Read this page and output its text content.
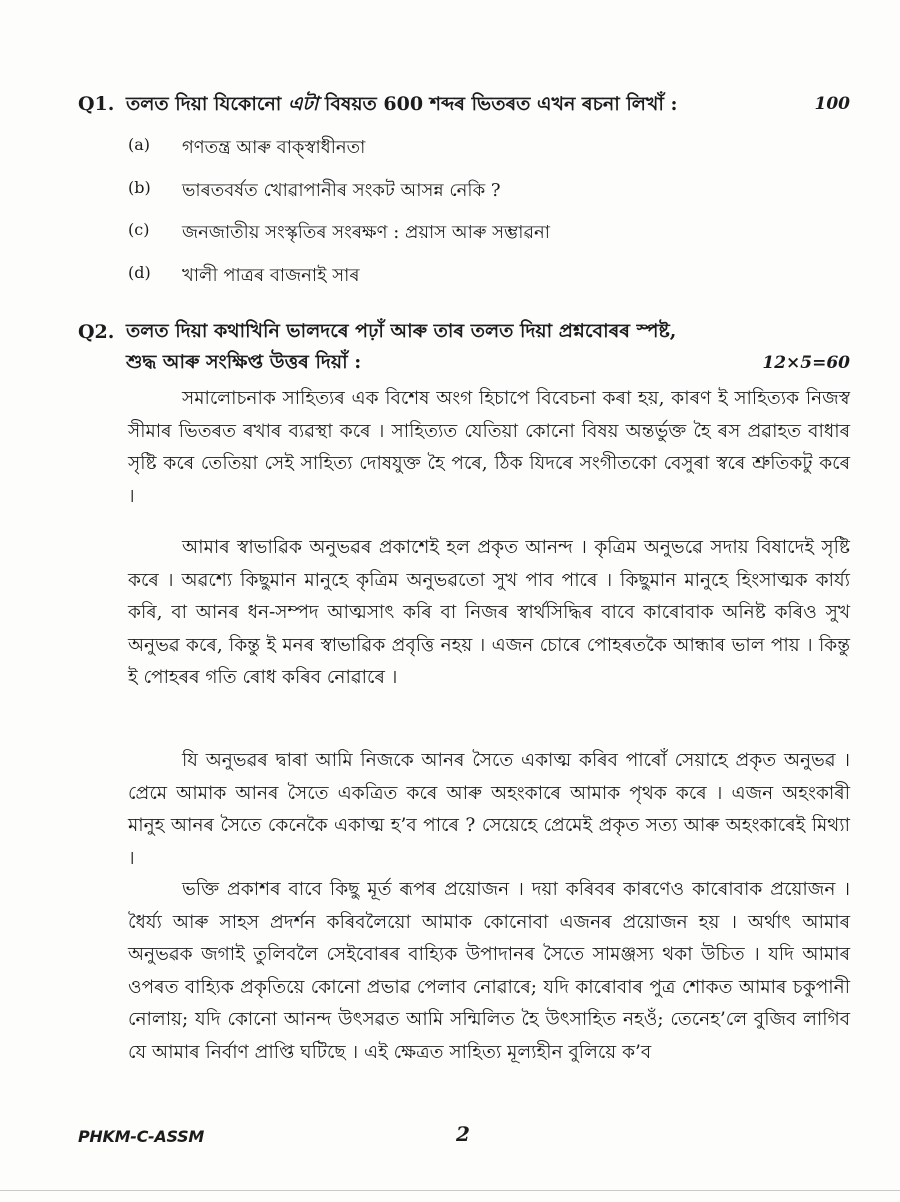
Q1. তলত দিয়া যিকোনো এটা বিষয়ত 600 শব্দৰ ভিতৰত এখন ৰচনা লিখাঁ :	100
(a)	গণতন্ত্ৰ আৰু বাক্‌স্বাধীনতা
(b)	ভাৰতবৰ্ষত খোৱাপানীৰ সংকট আসন্ন নেকি ?
(c)	জনজাতীয় সংস্কৃতিৰ সংৰক্ষণ : প্ৰয়াস আৰু সম্ভাৱনা
(d)	খালী পাত্ৰৰ বাজনাই সাৰ
Q2. তলত দিয়া কথাখিনি ভালদৰে পঢ়াঁ আৰু তাৰ তলত দিয়া প্ৰশ্নবোৰৰ স্পষ্ট,
শুদ্ধ আৰু সংক্ষিপ্ত উত্তৰ দিয়াঁ :	12×5=60

সমালোচনাক সাহিত্যৰ এক বিশেষ অংগ হিচাপে বিবেচনা কৰা হয়, কাৰণ ই সাহিত্যক নিজস্ব সীমাৰ ভিতৰত ৰখাৰ ব্যৱস্থা কৰে । সাহিত্যত যেতিয়া কোনো বিষয় অন্তৰ্ভুক্ত হৈ ৰস প্ৰৱাহত বাধাৰ সৃষ্টি কৰে তেতিয়া সেই সাহিত্য দোষযুক্ত হৈ পৰে, ঠিক যিদৰে সংগীতকো বেসুৰা স্বৰে শ্ৰুতিকটু কৰে ।

আমাৰ স্বাভাৱিক অনুভৱৰ প্ৰকাশেই হল প্ৰকৃত আনন্দ । কৃত্ৰিম অনুভৱে সদায় বিষাদেই সৃষ্টি কৰে । অৱশ্যে কিছুমান মানুহে কৃত্ৰিম অনুভৱতো সুখ পাব পাৰে । কিছুমান মানুহে হিংসাত্মক কাৰ্য্য কৰি, বা আনৰ ধন-সম্পদ আত্মসাৎ কৰি বা নিজৰ স্বাৰ্থসিদ্ধিৰ বাবে কাৰোবাক অনিষ্ট কৰিও সুখ অনুভৱ কৰে, কিন্তু ই মনৰ স্বাভাৱিক প্ৰবৃত্তি নহয় । এজন চোৰে পোহৰতকৈ আন্ধাৰ ভাল পায় । কিন্তু ই পোহৰৰ গতি ৰোধ কৰিব নোৱাৰে ।

যি অনুভৱৰ দ্বাৰা আমি নিজকে আনৰ সৈতে একাত্ম কৰিব পাৰোঁ সেয়াহে প্ৰকৃত অনুভৱ । প্ৰেমে আমাক আনৰ সৈতে একত্ৰিত কৰে আৰু অহংকাৰে আমাক পৃথক কৰে । এজন অহংকাৰী মানুহ আনৰ সৈতে কেনেকৈ একাত্ম হ’ব পাৰে ? সেয়েহে প্ৰেমেই প্ৰকৃত সত্য আৰু অহংকাৰেই মিথ্যা ।

ভক্তি প্ৰকাশৰ বাবে কিছু মূৰ্ত ৰূপৰ প্ৰয়োজন । দয়া কৰিবৰ কাৰণেও কাৰোবাক প্ৰয়োজন । ধৈৰ্য্য আৰু সাহস প্ৰদৰ্শন কৰিবলৈয়ো আমাক কোনোবা এজনৰ প্ৰয়োজন হয় । অৰ্থাৎ আমাৰ অনুভৱক জগাই তুলিবলৈ সেইবোৰৰ বাহ্যিক উপাদানৰ সৈতে সামঞ্জস্য থকা উচিত । যদি আমাৰ ওপৰত বাহ্যিক প্ৰকৃতিয়ে কোনো প্ৰভাৱ পেলাব নোৱাৰে; যদি কাৰোবাৰ পুত্ৰ শোকত আমাৰ চকুপানী নোলায়; যদি কোনো আনন্দ উৎসৱত আমি সন্মিলিত হৈ উৎসাহিত নহওঁ; তেনেহ’লে বুজিব লাগিব যে আমাৰ নিৰ্বাণ প্ৰাপ্তি ঘটিছে । এই ক্ষেত্ৰত সাহিত্য মূল্যহীন বুলিয়ে ক’ব

PHKM-C-ASSM	2
